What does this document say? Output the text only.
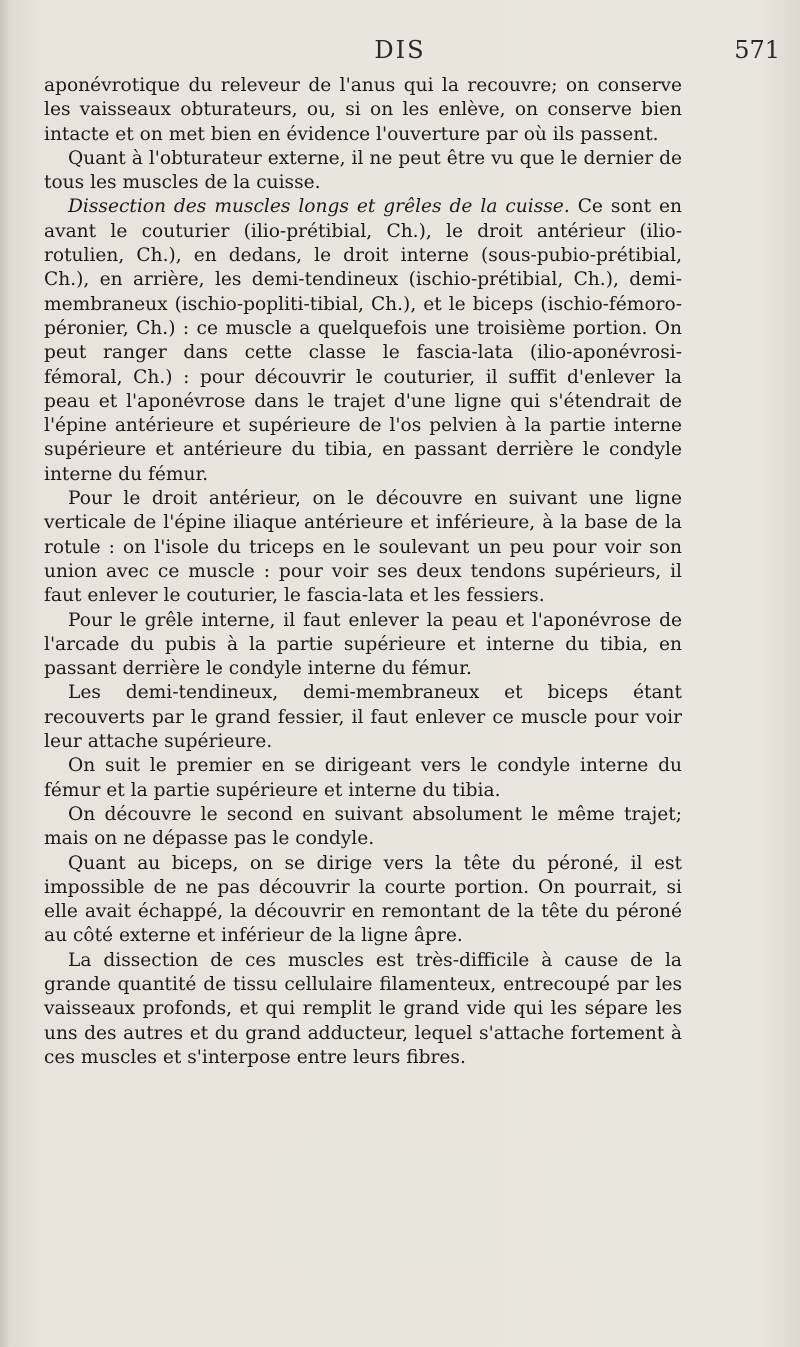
DIS	571

aponévrotique du releveur de l'anus qui la recouvre; on conserve les vaisseaux obturateurs, ou, si on les enlève, on conserve bien intacte et on met bien en évidence l'ouverture par où ils passent.

Quant à l'obturateur externe, il ne peut être vu que le dernier de tous les muscles de la cuisse.

Dissection des muscles longs et grêles de la cuisse. Ce sont en avant le couturier (ilio-prétibial, Ch.), le droit antérieur (ilio-rotulien, Ch.), en dedans, le droit interne (sous-pubio-prétibial, Ch.), en arrière, les demi-tendineux (ischio-prétibial, Ch.), demi-membraneux (ischio-popliti-tibial, Ch.), et le biceps (ischio-fémoro-péronier, Ch.) : ce muscle a quelquefois une troisième portion. On peut ranger dans cette classe le fascia-lata (ilio-aponévrosi-fémoral, Ch.) : pour découvrir le couturier, il suffit d'enlever la peau et l'aponévrose dans le trajet d'une ligne qui s'étendrait de l'épine antérieure et supérieure de l'os pelvien à la partie interne supérieure et antérieure du tibia, en passant derrière le condyle interne du fémur.

Pour le droit antérieur, on le découvre en suivant une ligne verticale de l'épine iliaque antérieure et inférieure, à la base de la rotule : on l'isole du triceps en le soulevant un peu pour voir son union avec ce muscle : pour voir ses deux tendons supérieurs, il faut enlever le couturier, le fascia-lata et les fessiers.

Pour le grêle interne, il faut enlever la peau et l'aponévrose de l'arcade du pubis à la partie supérieure et interne du tibia, en passant derrière le condyle interne du fémur.

Les demi-tendineux, demi-membraneux et biceps étant recouverts par le grand fessier, il faut enlever ce muscle pour voir leur attache supérieure.

On suit le premier en se dirigeant vers le condyle interne du fémur et la partie supérieure et interne du tibia.

On découvre le second en suivant absolument le même trajet; mais on ne dépasse pas le condyle.

Quant au biceps, on se dirige vers la tête du péroné, il est impossible de ne pas découvrir la courte portion. On pourrait, si elle avait échappé, la découvrir en remontant de la tête du péroné au côté externe et inférieur de la ligne âpre.

La dissection de ces muscles est très-difficile à cause de la grande quantité de tissu cellulaire filamenteux, entrecoupé par les vaisseaux profonds, et qui remplit le grand vide qui les sépare les uns des autres et du grand adducteur, lequel s'attache fortement à ces muscles et s'interpose entre leurs fibres.
